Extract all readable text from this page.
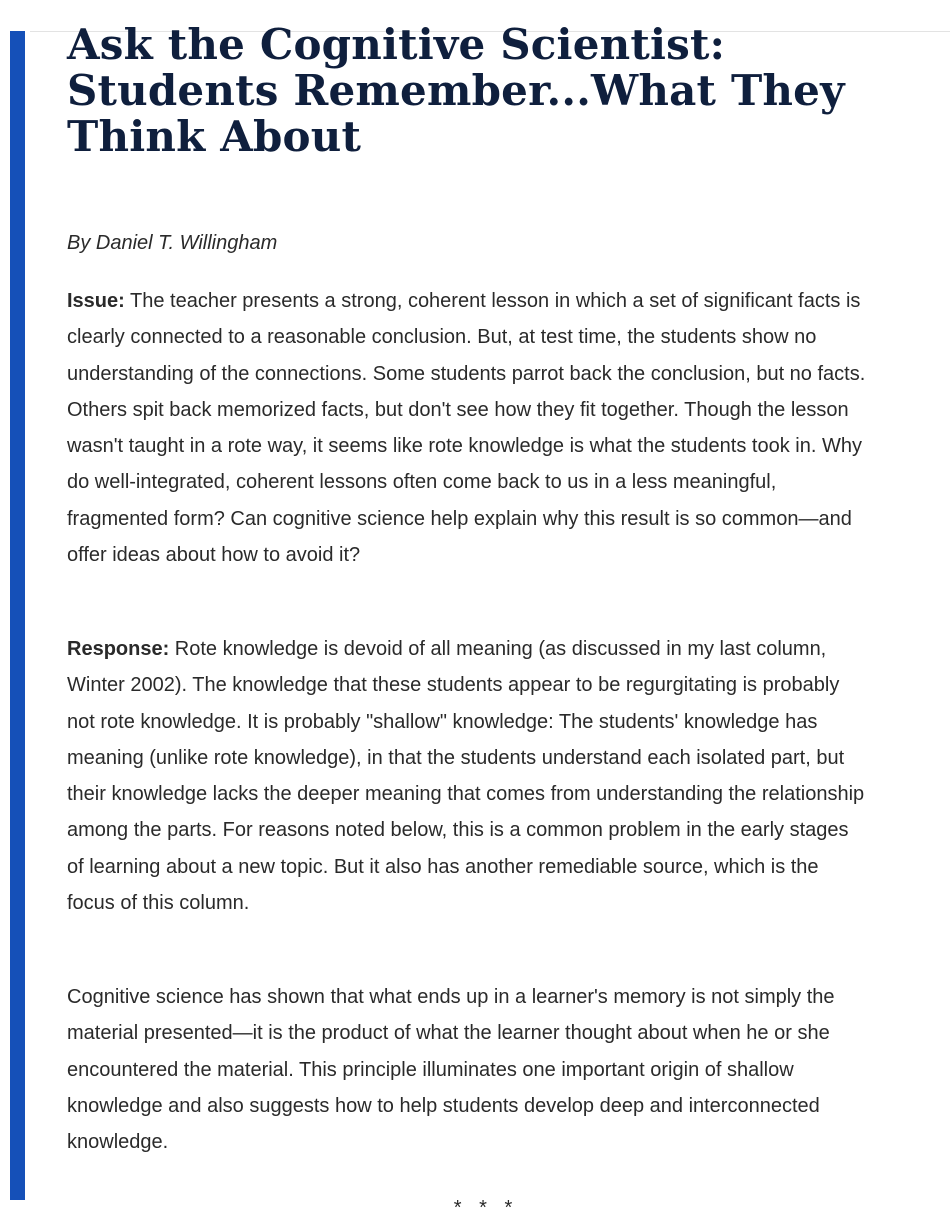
Ask the Cognitive Scientist:
Students Remember...What They
Think About

By Daniel T. Willingham

Issue: The teacher presents a strong, coherent lesson in which a set of significant facts is clearly connected to a reasonable conclusion. But, at test time, the students show no understanding of the connections. Some students parrot back the conclusion, but no facts. Others spit back memorized facts, but don't see how they fit together. Though the lesson wasn't taught in a rote way, it seems like rote knowledge is what the students took in. Why do well-integrated, coherent lessons often come back to us in a less meaningful, fragmented form? Can cognitive science help explain why this result is so common—and offer ideas about how to avoid it?

Response: Rote knowledge is devoid of all meaning (as discussed in my last column, Winter 2002). The knowledge that these students appear to be regurgitating is probably not rote knowledge. It is probably "shallow" knowledge: The students' knowledge has meaning (unlike rote knowledge), in that the students understand each isolated part, but their knowledge lacks the deeper meaning that comes from understanding the relationship among the parts. For reasons noted below, this is a common problem in the early stages of learning about a new topic. But it also has another remediable source, which is the focus of this column.

Cognitive science has shown that what ends up in a learner's memory is not simply the material presented—it is the product of what the learner thought about when he or she encountered the material. This principle illuminates one important origin of shallow knowledge and also suggests how to help students develop deep and interconnected knowledge.

* * *
